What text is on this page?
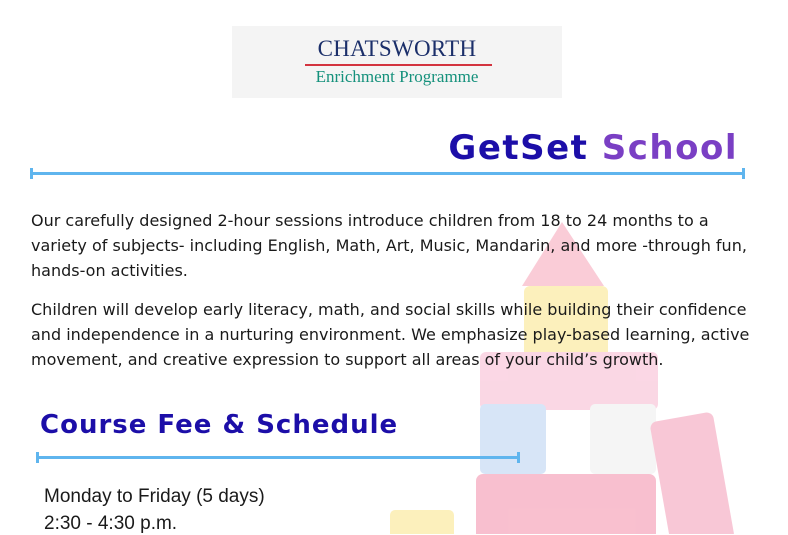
CHATSWORTH
Enrichment Programme
GetSet School

Our carefully designed 2-hour sessions introduce children from 18 to 24 months to a variety of subjects- including English, Math, Art, Music, Mandarin, and more -through fun, hands-on activities.

Children will develop early literacy, math, and social skills while building their confidence and independence in a nurturing environment. We emphasize play-based learning, active movement, and creative expression to support all areas of your child’s growth.

Course Fee & Schedule
Monday to Friday (5 days)
2:30 - 4:30 p.m.
